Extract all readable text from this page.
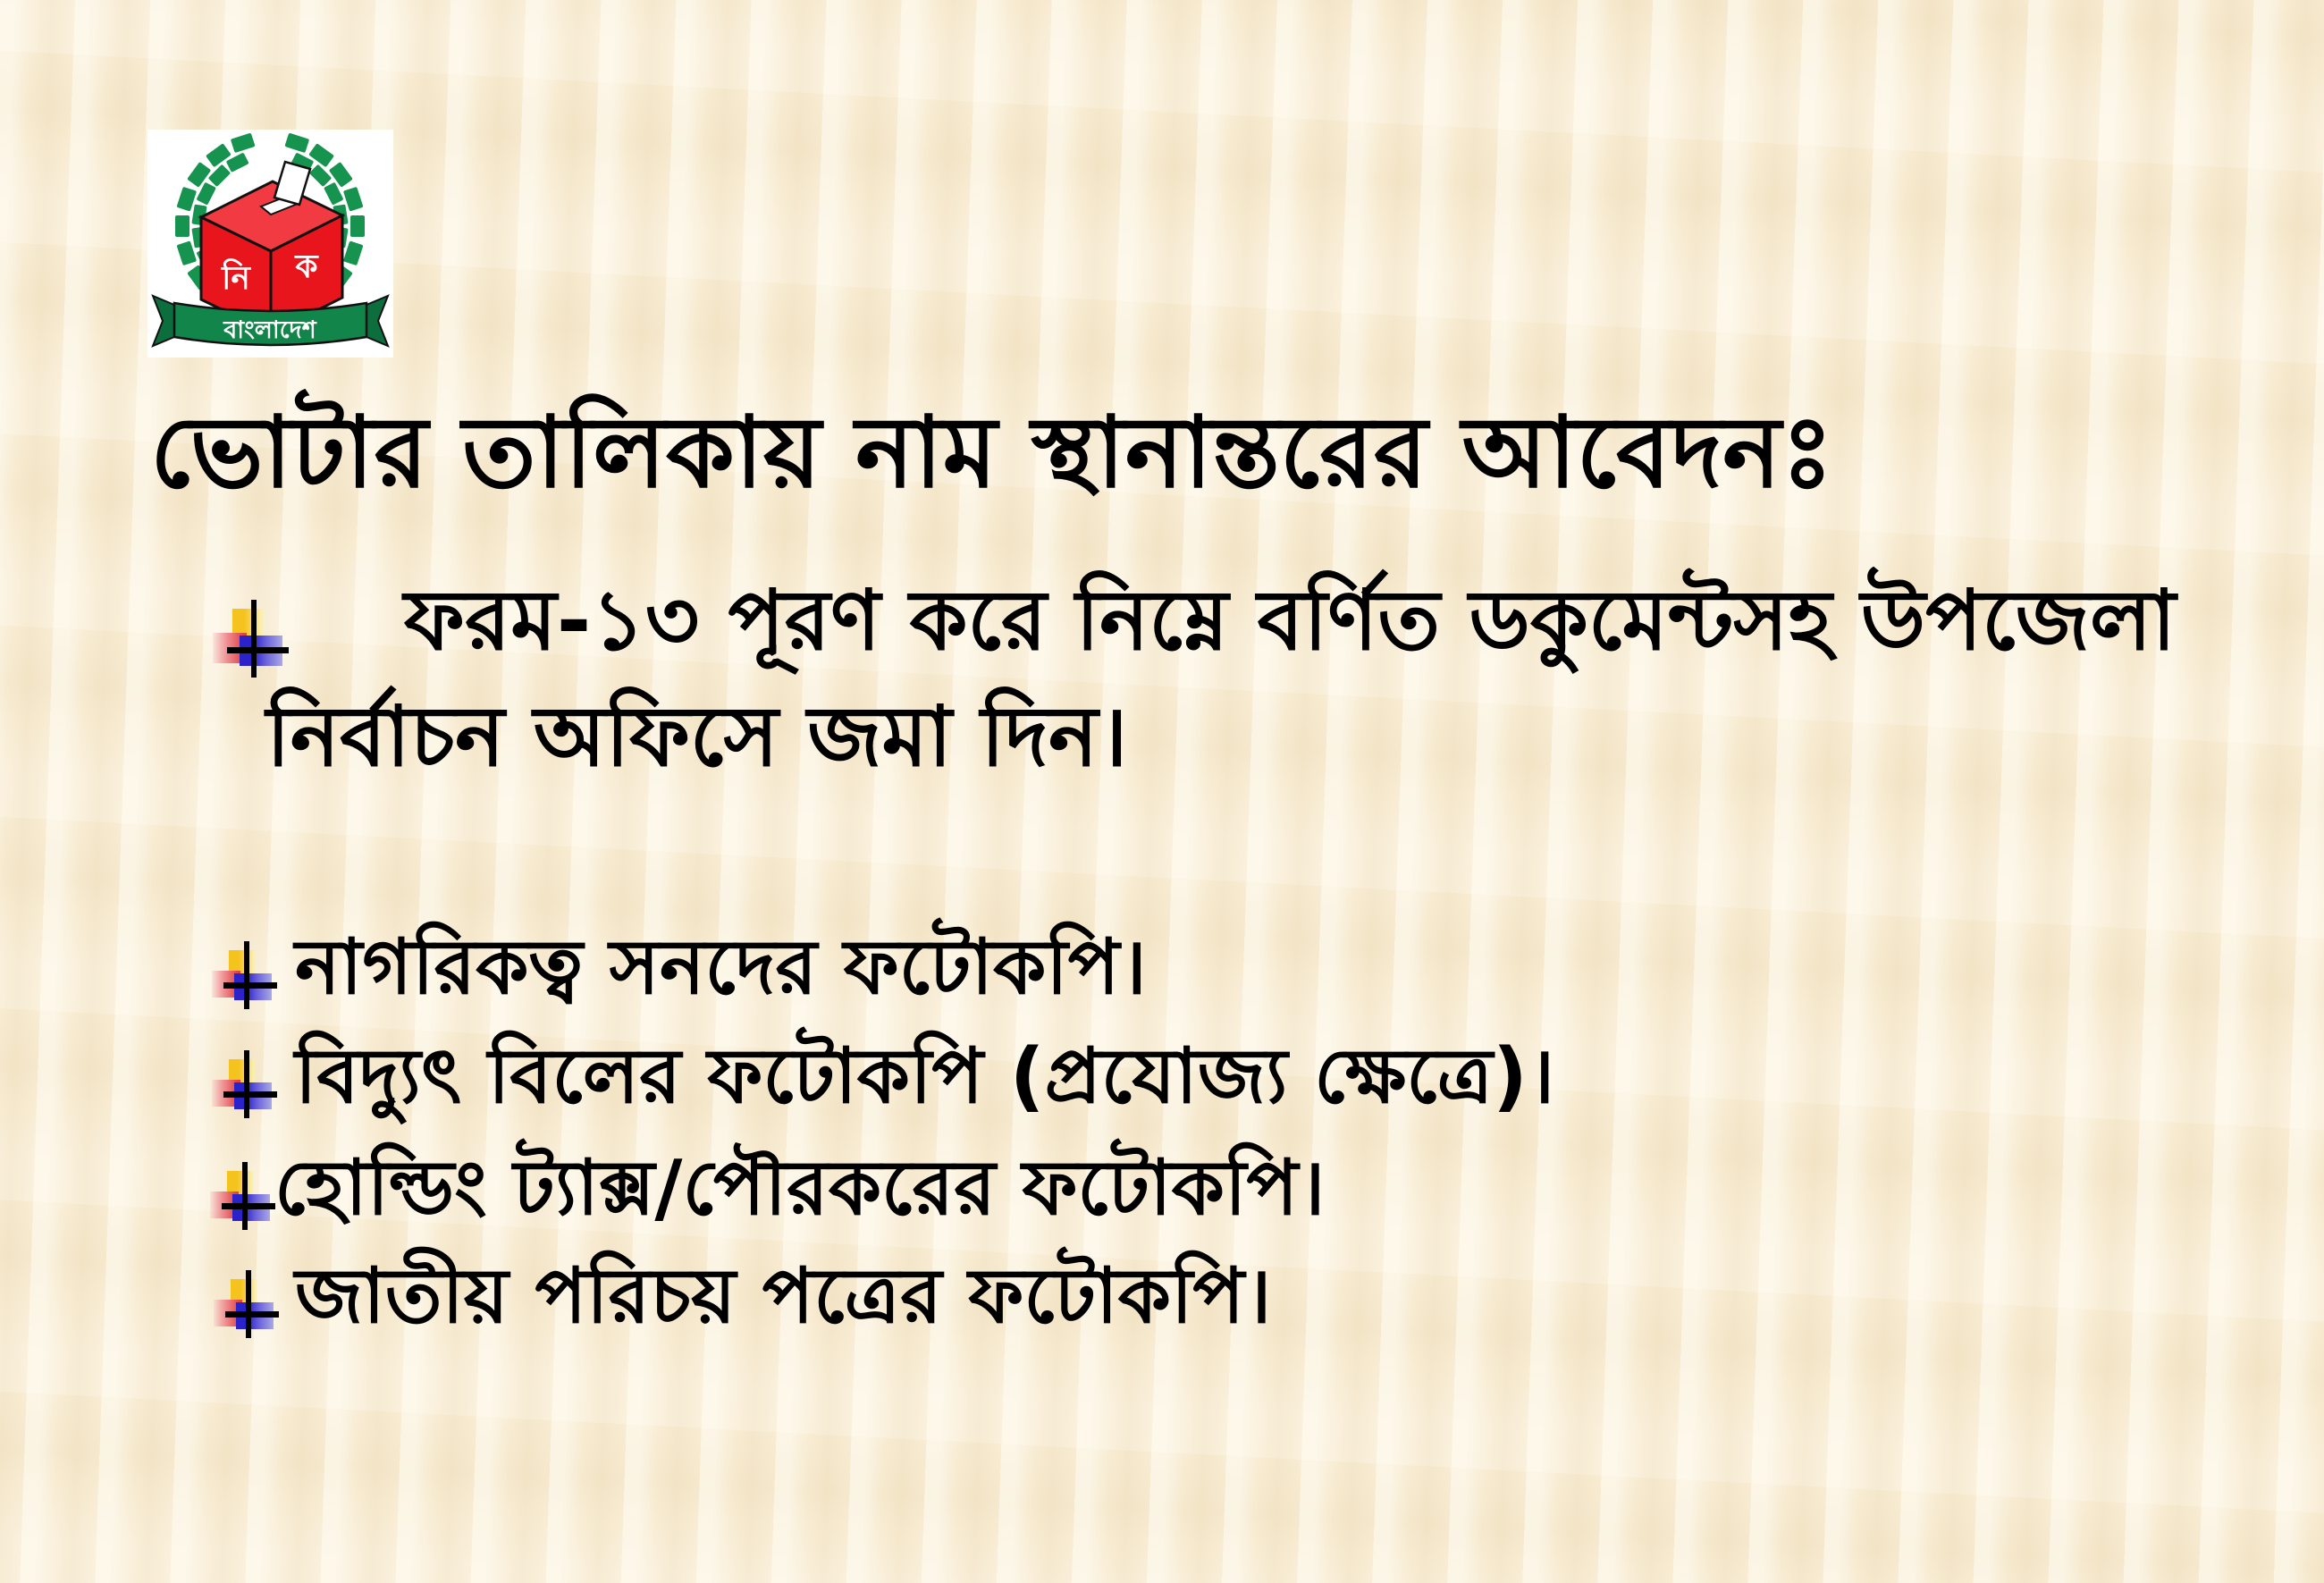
নি ক
বাংলাদেশ
ভোটার তালিকায় নাম স্থানান্তরের আবেদনঃ

ফরম-১৩ পূরণ করে নিম্নে বর্ণিত ডকুমেন্টসহ উপজেলা

নির্বাচন অফিসে জমা দিন।

নাগরিকত্ব সনদের ফটোকপি।

বিদ্যুৎ বিলের ফটোকপি (প্রযোজ্য ক্ষেত্রে)।

হোল্ডিং ট্যাক্স/পৌরকরের ফটোকপি।

জাতীয় পরিচয় পত্রের ফটোকপি।
